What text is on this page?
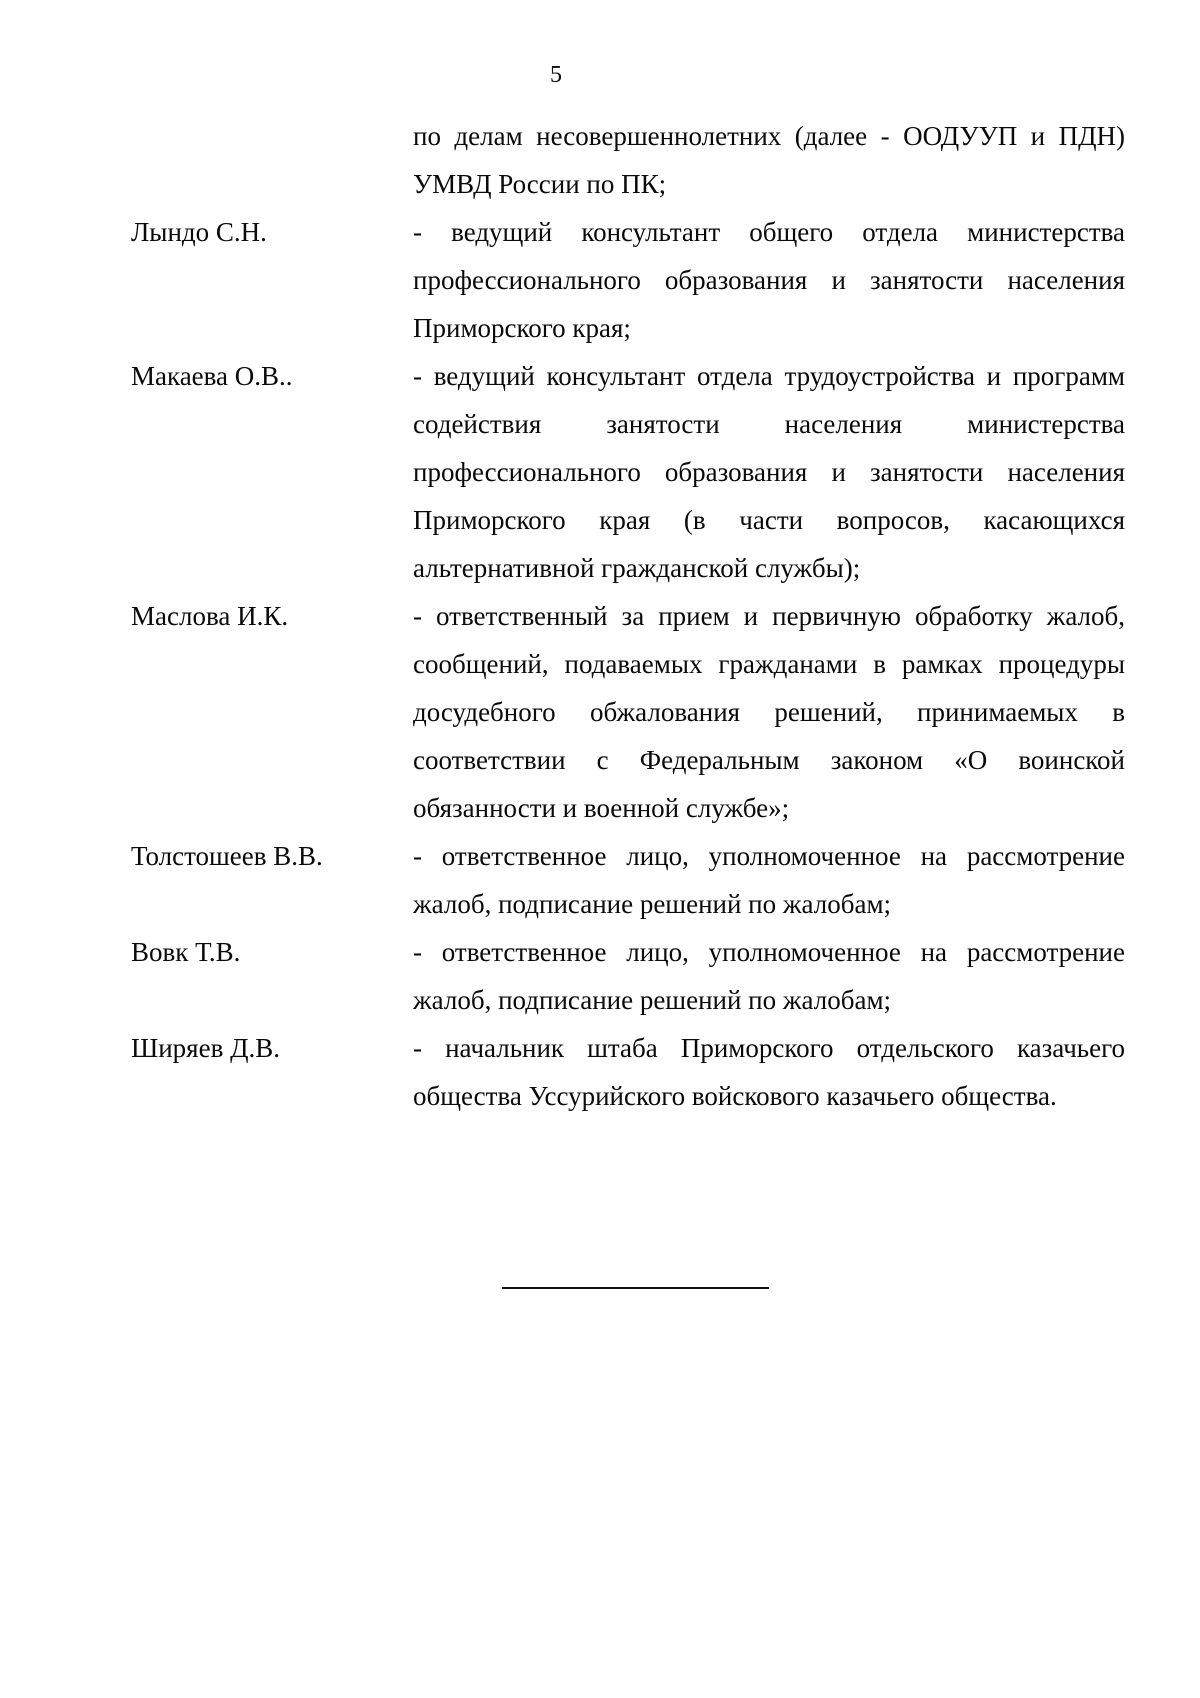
5
по делам несовершеннолетних (далее - ООДУУП и ПДН) УМВД России по ПК;
Лындо С.Н.	- ведущий консультант общего отдела министерства профессионального образования и занятости населения Приморского края;
Макаева О.В..	- ведущий консультант отдела трудоустройства и программ содействия занятости населения министерства профессионального образования и занятости населения Приморского края (в части вопросов, касающихся альтернативной гражданской службы);
Маслова И.К.	- ответственный за прием и первичную обработку жалоб, сообщений, подаваемых гражданами в рамках процедуры досудебного обжалования решений, принимаемых в соответствии с Федеральным законом «О воинской обязанности и военной службе»;
Толстошеев В.В.	- ответственное лицо, уполномоченное на рассмотрение жалоб, подписание решений по жалобам;
Вовк Т.В.	- ответственное лицо, уполномоченное на рассмотрение жалоб, подписание решений по жалобам;
Ширяев Д.В.	- начальник штаба Приморского отдельского казачьего общества Уссурийского войскового казачьего общества.
